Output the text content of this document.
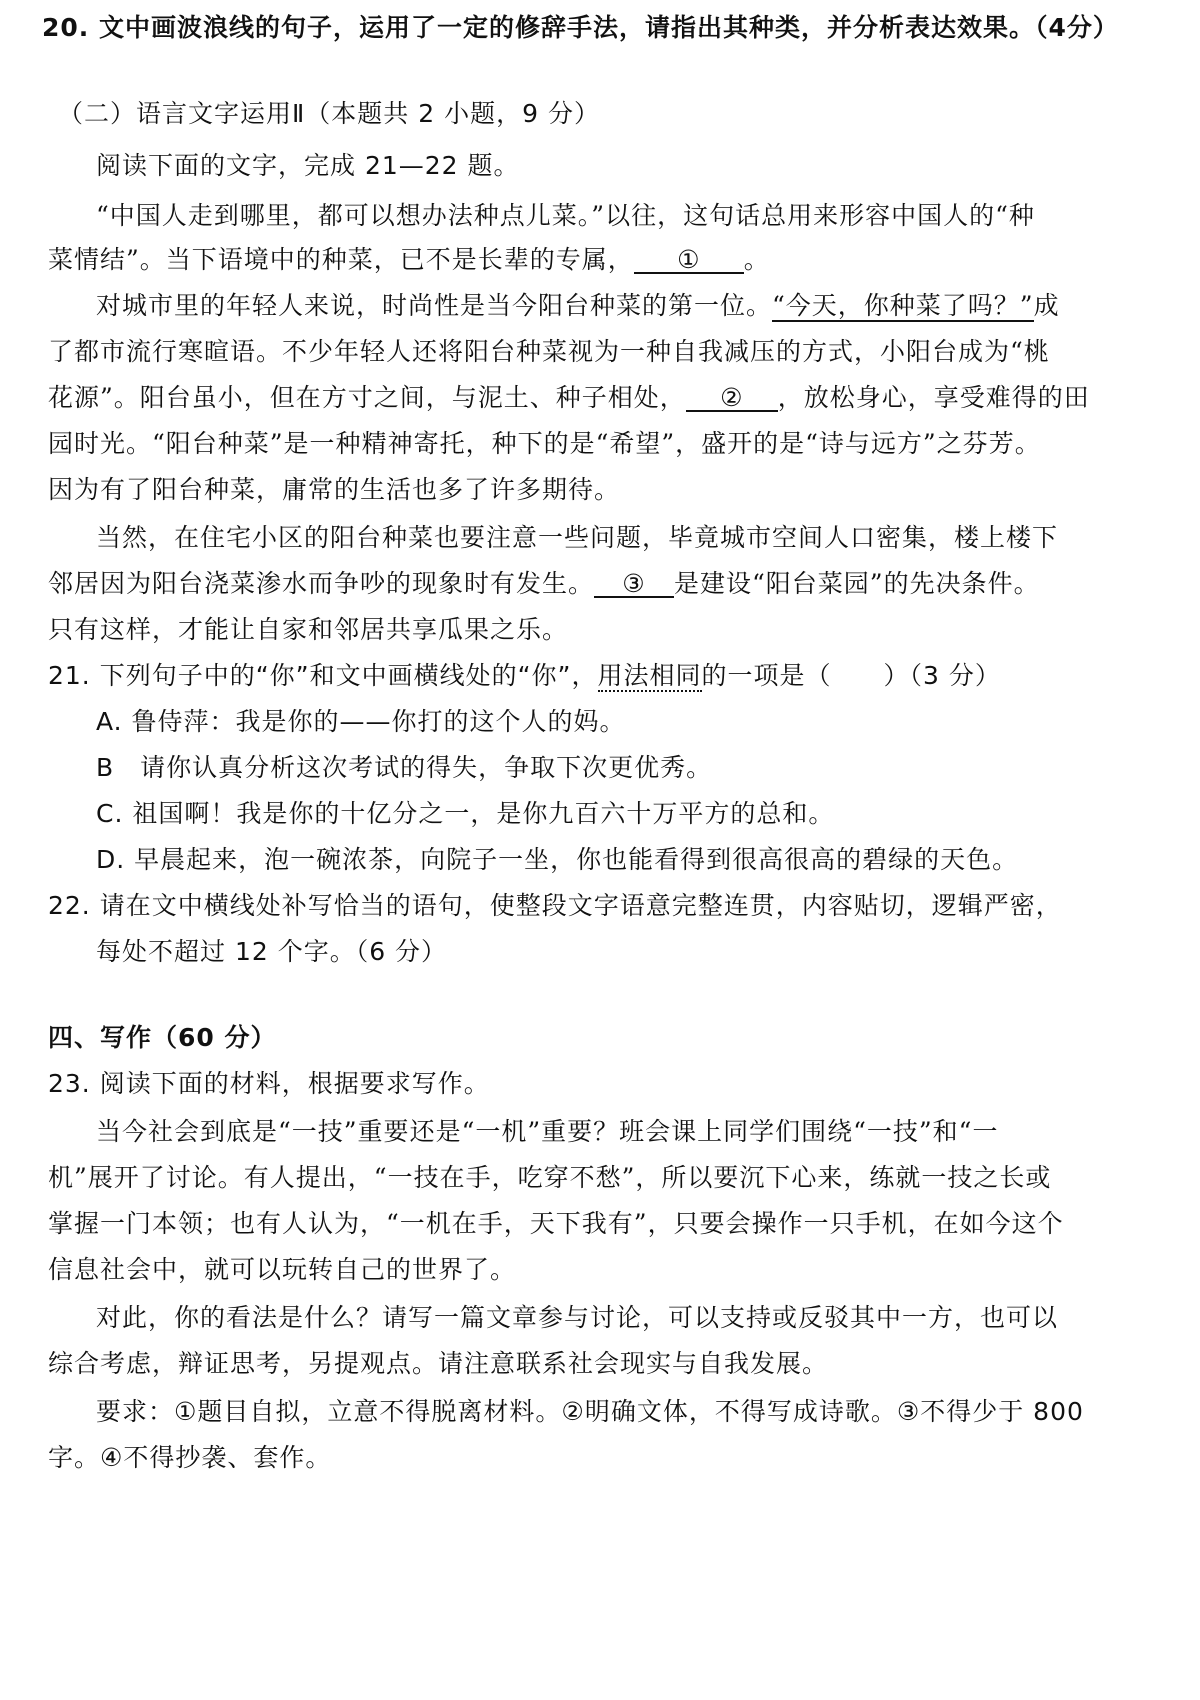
20. 文中画波浪线的句子，运用了一定的修辞手法，请指出其种类，并分析表达效果。（4分）
（二）语言文字运用Ⅱ（本题共 2 小题，9 分）
阅读下面的文字，完成 21—22 题。
“中国人走到哪里，都可以想办法种点儿菜。”以往，这句话总用来形容中国人的“种
菜情结”。当下语境中的种菜，已不是长辈的专属， ① 。
对城市里的年轻人来说，时尚性是当今阳台种菜的第一位。“今天，你种菜了吗？”成
了都市流行寒暄语。不少年轻人还将阳台种菜视为一种自我减压的方式，小阳台成为“桃
花源”。阳台虽小，但在方寸之间，与泥土、种子相处， ② ，放松身心，享受难得的田
园时光。“阳台种菜”是一种精神寄托，种下的是“希望”，盛开的是“诗与远方”之芬芳。
因为有了阳台种菜，庸常的生活也多了许多期待。
当然，在住宅小区的阳台种菜也要注意一些问题，毕竟城市空间人口密集，楼上楼下
邻居因为阳台浇菜渗水而争吵的现象时有发生。 ③ 是建设“阳台菜园”的先决条件。
只有这样，才能让自家和邻居共享瓜果之乐。
21. 下列句子中的“你”和文中画横线处的“你”，用法相同的一项是（　　）（3 分）
A. 鲁侍萍：我是你的——你打的这个人的妈。
B　请你认真分析这次考试的得失，争取下次更优秀。
C. 祖国啊！我是你的十亿分之一，是你九百六十万平方的总和。
D. 早晨起来，泡一碗浓茶，向院子一坐，你也能看得到很高很高的碧绿的天色。
22. 请在文中横线处补写恰当的语句，使整段文字语意完整连贯，内容贴切，逻辑严密，
每处不超过 12 个字。（6 分）
四、写作（60 分）
23. 阅读下面的材料，根据要求写作。
当今社会到底是“一技”重要还是“一机”重要？班会课上同学们围绕“一技”和“一
机”展开了讨论。有人提出，“一技在手，吃穿不愁”，所以要沉下心来，练就一技之长或
掌握一门本领；也有人认为，“一机在手，天下我有”，只要会操作一只手机，在如今这个
信息社会中，就可以玩转自己的世界了。
对此，你的看法是什么？请写一篇文章参与讨论，可以支持或反驳其中一方，也可以
综合考虑，辩证思考，另提观点。请注意联系社会现实与自我发展。
要求：①题目自拟，立意不得脱离材料。②明确文体，不得写成诗歌。③不得少于 800
字。④不得抄袭、套作。
